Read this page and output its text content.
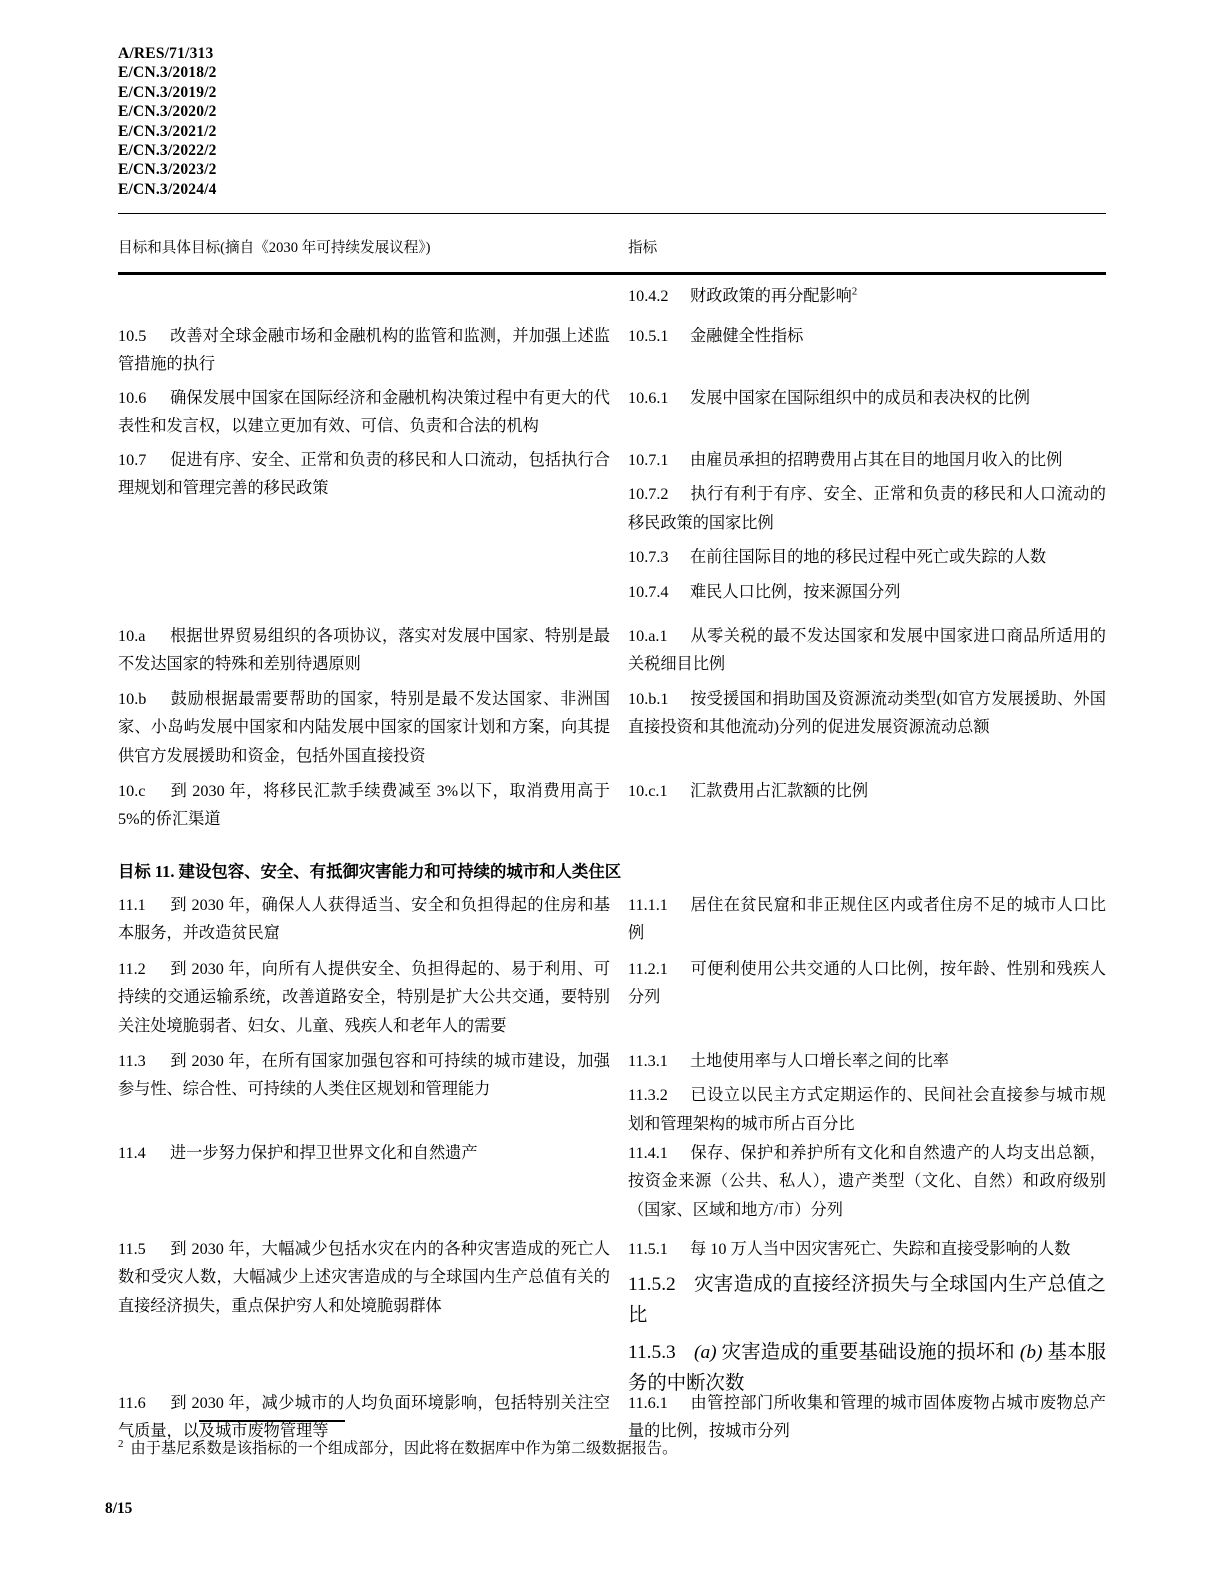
A/RES/71/313
E/CN.3/2018/2
E/CN.3/2019/2
E/CN.3/2020/2
E/CN.3/2021/2
E/CN.3/2022/2
E/CN.3/2023/2
E/CN.3/2024/4
目标和具体目标(摘自《2030 年可持续发展议程》)	指标

10.4.2 财政政策的再分配影响$^2$

10.5 改善对全球金融市场和金融机构的监管和监测，并加强上述监管措施的执行

10.5.1 金融健全性指标

10.6 确保发展中国家在国际经济和金融机构决策过程中有更大的代表性和发言权，以建立更加有效、可信、负责和合法的机构

10.6.1 发展中国家在国际组织中的成员和表决权的比例

10.7 促进有序、安全、正常和负责的移民和人口流动，包括执行合理规划和管理完善的移民政策

10.7.1 由雇员承担的招聘费用占其在目的地国月收入的比例

10.7.2 执行有利于有序、安全、正常和负责的移民和人口流动的移民政策的国家比例

10.7.3 在前往国际目的地的移民过程中死亡或失踪的人数

10.7.4 难民人口比例，按来源国分列

10.a 根据世界贸易组织的各项协议，落实对发展中国家、特别是最不发达国家的特殊和差别待遇原则

10.a.1 从零关税的最不发达国家和发展中国家进口商品所适用的关税细目比例

10.b 鼓励根据最需要帮助的国家，特别是最不发达国家、非洲国家、小岛屿发展中国家和内陆发展中国家的国家计划和方案，向其提供官方发展援助和资金，包括外国直接投资

10.b.1 按受援国和捐助国及资源流动类型(如官方发展援助、外国直接投资和其他流动)分列的促进发展资源流动总额

10.c 到 2030 年，将移民汇款手续费减至 3%以下，取消费用高于 5%的侨汇渠道

10.c.1 汇款费用占汇款额的比例

目标 11. 建设包容、安全、有抵御灾害能力和可持续的城市和人类住区

11.1 到 2030 年，确保人人获得适当、安全和负担得起的住房和基本服务，并改造贫民窟

11.1.1 居住在贫民窟和非正规住区内或者住房不足的城市人口比例

11.2 到 2030 年，向所有人提供安全、负担得起的、易于利用、可持续的交通运输系统，改善道路安全，特别是扩大公共交通，要特别关注处境脆弱者、妇女、儿童、残疾人和老年人的需要

11.2.1 可便利使用公共交通的人口比例，按年龄、性别和残疾人分列

11.3 到 2030 年，在所有国家加强包容和可持续的城市建设，加强参与性、综合性、可持续的人类住区规划和管理能力

11.3.1 土地使用率与人口增长率之间的比率

11.3.2 已设立以民主方式定期运作的、民间社会直接参与城市规划和管理架构的城市所占百分比

11.4 进一步努力保护和捍卫世界文化和自然遗产	11.4.1 保存、保护和养护所有文化和自然遗产的人均支出总额，按资金来源（公共、私人），遗产类型（文化、自然）和政府级别（国家、区域和地方/市）分列

11.5 到 2030 年，大幅减少包括水灾在内的各种灾害造成的死亡人数和受灾人数，大幅减少上述灾害造成的与全球国内生产总值有关的直接经济损失，重点保护穷人和处境脆弱群体

11.5.1 每 10 万人当中因灾害死亡、失踪和直接受影响的人数

11.5.2 灾害造成的直接经济损失与全球国内生产总值之比

11.5.3 (a) 灾害造成的重要基础设施的损坏和 (b) 基本服务的中断次数

11.6 到 2030 年，减少城市的人均负面环境影响，包括特别关注空气质量，以及城市废物管理等

11.6.1 由管控部门所收集和管理的城市固体废物占城市废物总产量的比例，按城市分列

$^2$ 由于基尼系数是该指标的一个组成部分，因此将在数据库中作为第二级数据报告。
8/15
